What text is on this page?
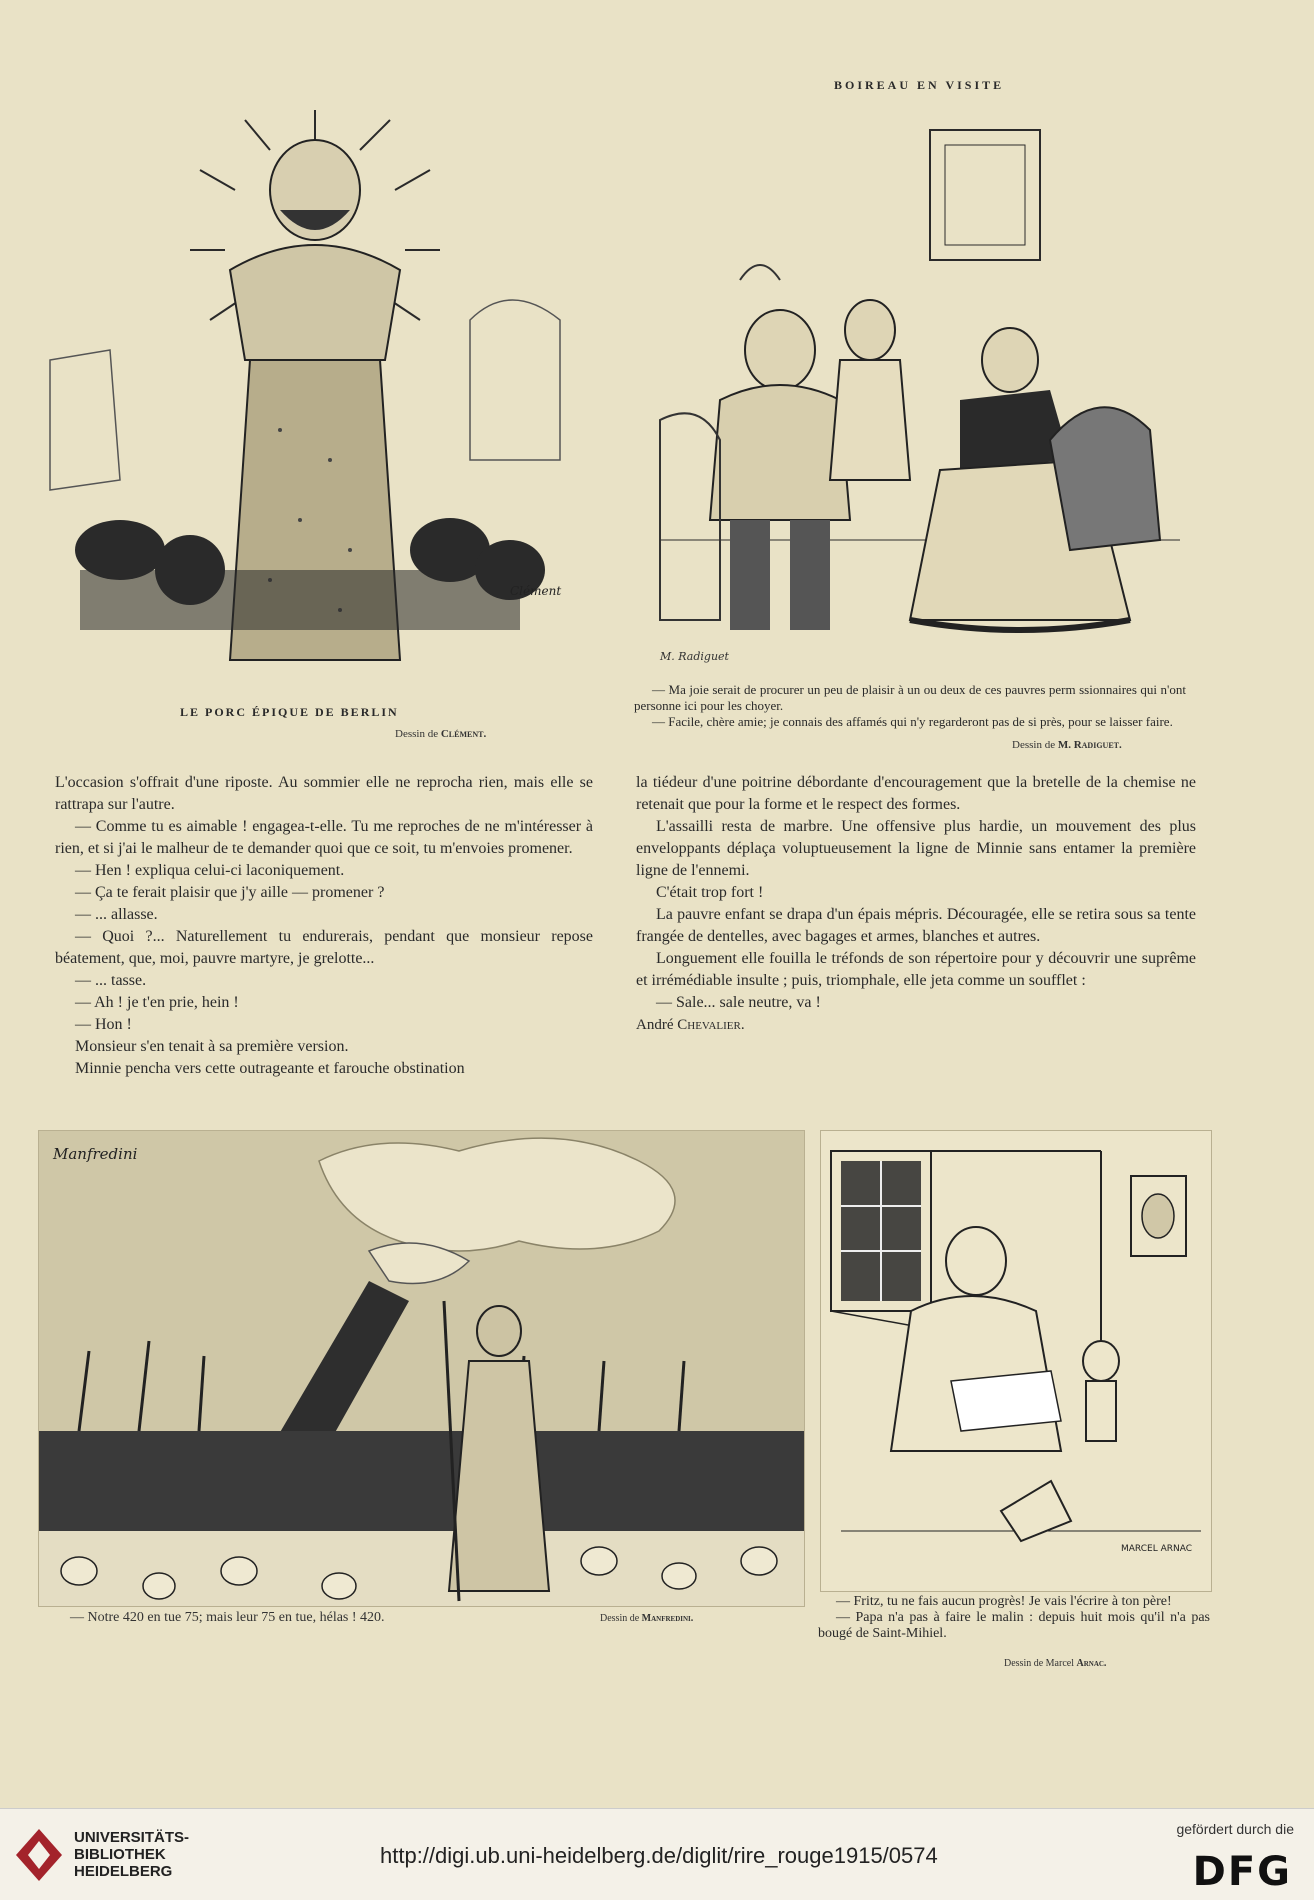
Clément
LE PORC ÉPIQUE DE BERLIN
Dessin de Clément.
BOIREAU EN VISITE
M. Radiguet
— Ma joie serait de procurer un peu de plaisir à un ou deux de ces pauvres perm ssionnaires qui n'ont personne ici pour les choyer.
— Facile, chère amie; je connais des affamés qui n'y regarderont pas de si près, pour se laisser faire.
Dessin de M. Radiguet.

L'occasion s'offrait d'une riposte. Au sommier elle ne reprocha rien, mais elle se rattrapa sur l'autre.

— Comme tu es aimable ! engagea-t-elle. Tu me reproches de ne m'intéresser à rien, et si j'ai le malheur de te demander quoi que ce soit, tu m'envoies promener.

— Hen ! expliqua celui-ci laconiquement.

— Ça te ferait plaisir que j'y aille — promener ?

— ... allasse.

— Quoi ?... Naturellement tu endurerais, pendant que monsieur repose béatement, que, moi, pauvre martyre, je grelotte...

— ... tasse.

— Ah ! je t'en prie, hein !

— Hon !

Monsieur s'en tenait à sa première version.

Minnie pencha vers cette outrageante et farouche obstination

la tiédeur d'une poitrine débordante d'encouragement que la bretelle de la chemise ne retenait que pour la forme et le respect des formes.

L'assailli resta de marbre. Une offensive plus hardie, un mouvement des plus enveloppants déplaça voluptueusement la ligne de Minnie sans entamer la première ligne de l'ennemi.

C'était trop fort !

La pauvre enfant se drapa d'un épais mépris. Découragée, elle se retira sous sa tente frangée de dentelles, avec bagages et armes, blanches et autres.

Longuement elle fouilla le tréfonds de son répertoire pour y découvrir une suprême et irrémédiable insulte ; puis, triomphale, elle jeta comme un soufflet :

— Sale... sale neutre, va !

André Chevalier.

Manfredini
— Notre 420 en tue 75; mais leur 75 en tue, hélas ! 420.	Dessin de Manfredini.
MARCEL ARNAC
— Fritz, tu ne fais aucun progrès! Je vais l'écrire à ton père!
— Papa n'a pas à faire le malin : depuis huit mois qu'il n'a pas bougé de Saint-Mihiel.
Dessin de Marcel Arnac.
UNIVERSITÄTS-
BIBLIOTHEK
HEIDELBERG
http://digi.ub.uni-heidelberg.de/diglit/rire_rouge1915/0574
gefördert durch die
DFG
